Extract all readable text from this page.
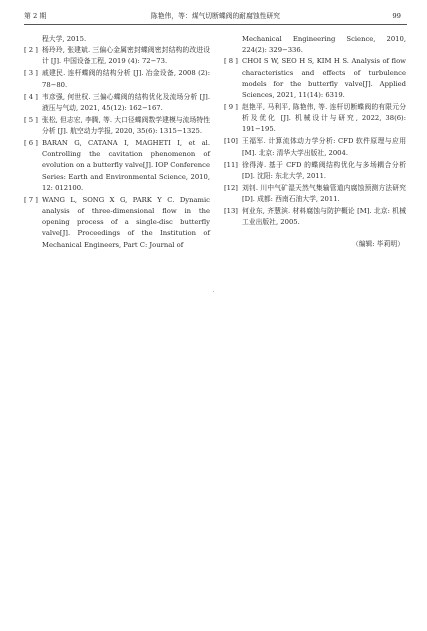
第 2 期	陈艳伟，等：煤气切断蝶阀的耐腐蚀性研究	99
程大学, 2015.
[ 2 ] 杨玲玲, 张建斌. 三偏心金属密封蝶阀密封结构的改进设计 [J]. 中国设备工程, 2019 (4): 72−73.
[ 3 ] 戚建民. 连杆蝶阀的结构分析 [J]. 冶金设备, 2008 (2): 78−80.
[ 4 ] 韦彦强, 何世权. 三偏心蝶阀的结构优化及流场分析 [J]. 液压与气动, 2021, 45(12): 162−167.
[ 5 ] 张松, 但志宏, 李腾, 等. 大口径蝶阀数学建模与流场特性分析 [J]. 航空动力学报, 2020, 35(6): 1315−1325.
[ 6 ] BARAN G, CATANA I, MAGHETI I, et al. Controlling the cavitation phenomenon of evolution on a butterfly valve[J]. IOP Conference Series: Earth and Environmental Science, 2010, 12: 012100.
[ 7 ] WANG L, SONG X G, PARK Y C. Dynamic analysis of three-dimensional flow in the opening process of a single-disc butterfly valve[J]. Proceedings of the Institution of Mechanical Engineers, Part C: Journal of
Mechanical Engineering Science, 2010, 224(2): 329−336.
[ 8 ] CHOI S W, SEO H S, KIM H S. Analysis of flow characteristics and effects of turbulence models for the butterfly valve[J]. Applied Sciences, 2021, 11(14): 6319.
[ 9 ] 赵艳平, 马利平, 陈艳伟, 等. 连杆切断蝶阀的有限元分析及优化 [J]. 机械设计与研究, 2022, 38(6): 191−195.
[10] 王福军. 计算流体动力学分析: CFD 软件原理与应用 [M]. 北京: 清华大学出版社, 2004.
[11] 徐得涛. 基于 CFD 的蝶阀结构优化与多场耦合分析 [D]. 沈阳: 东北大学, 2011.
[12] 刘钊. 川中气矿湿天然气集输管道内腐蚀预测方法研究 [D]. 成都: 西南石油大学, 2011.
[13] 何业东, 齐慧滨. 材料腐蚀与防护概论 [M]. 北京: 机械工业出版社, 2005.
（编辑: 毕莉明）
